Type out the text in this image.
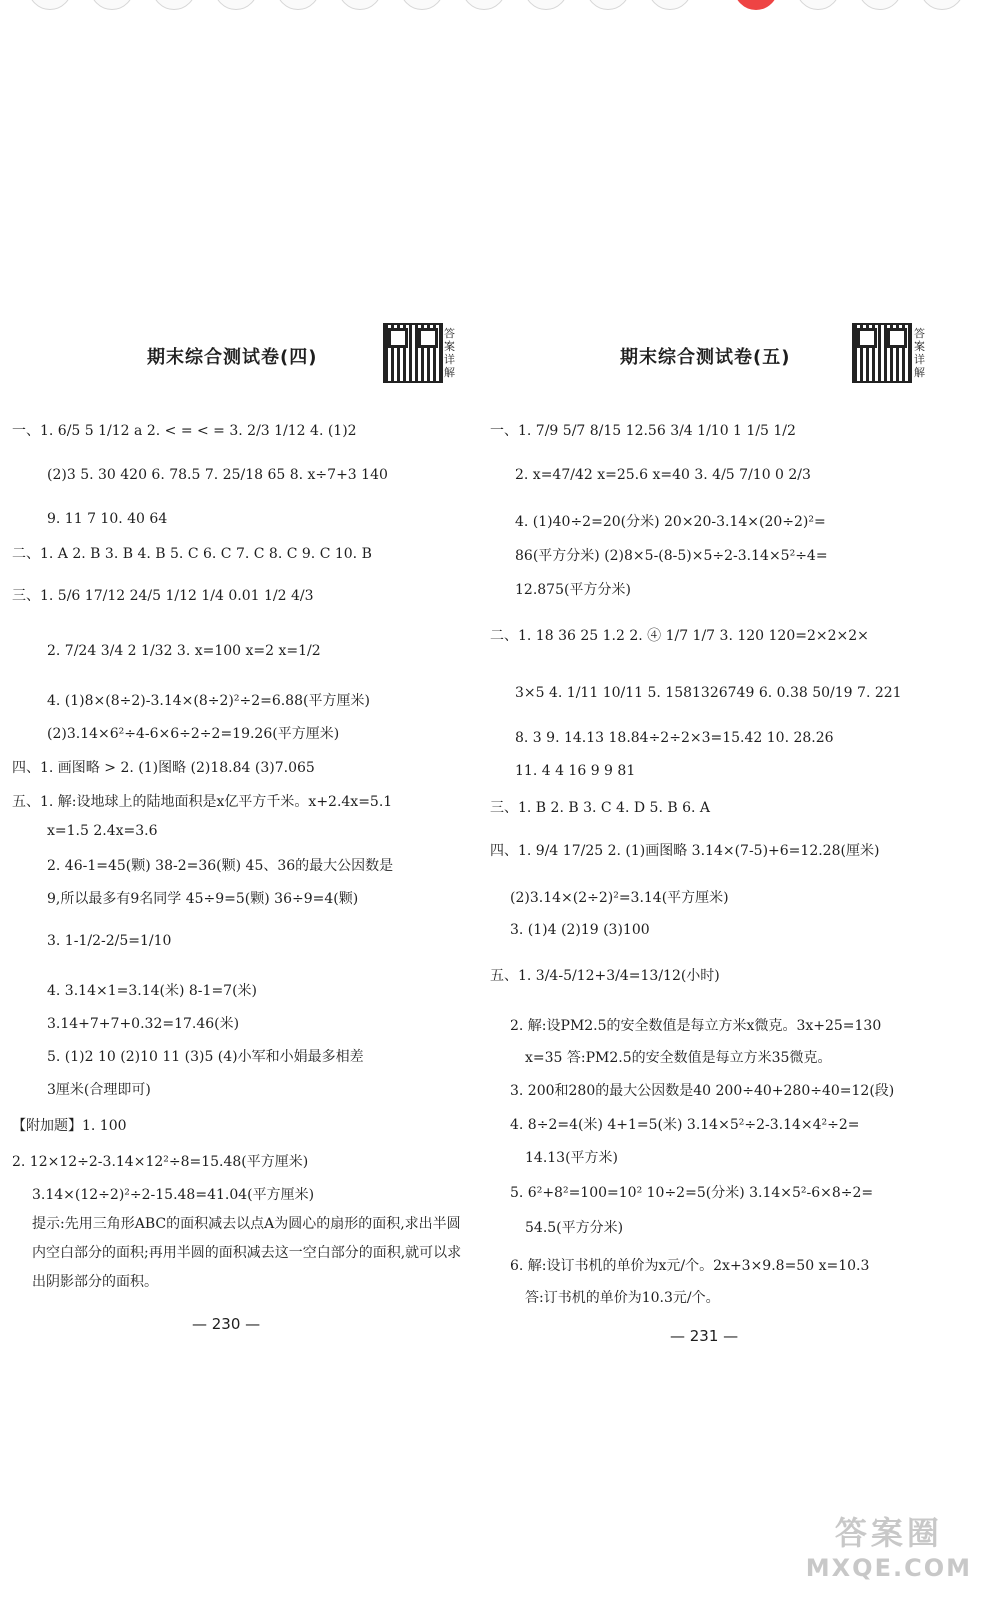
期末综合测试卷(四)
答案详解
一、1. 6/5 5 1/12 a 2. < = < = 3. 2/3 1/12 4. (1)2
(2)3 5. 30 420 6. 78.5 7. 25/18 65 8. x÷7+3 140
9. 11 7 10. 40 64
二、1. A 2. B 3. B 4. B 5. C 6. C 7. C 8. C 9. C 10. B
三、1. 5/6 17/12 24/5 1/12 1/4 0.01 1/2 4/3
2. 7/24 3/4 2 1/32 3. x=100 x=2 x=1/2
4. (1)8×(8÷2)-3.14×(8÷2)²÷2=6.88(平方厘米)
(2)3.14×6²÷4-6×6÷2÷2=19.26(平方厘米)
四、1. 画图略 > 2. (1)图略 (2)18.84 (3)7.065
五、1. 解:设地球上的陆地面积是x亿平方千米。x+2.4x=5.1
x=1.5 2.4x=3.6
2. 46-1=45(颗) 38-2=36(颗) 45、36的最大公因数是
9,所以最多有9名同学 45÷9=5(颗) 36÷9=4(颗)
3. 1-1/2-2/5=1/10
4. 3.14×1=3.14(米) 8-1=7(米)
3.14+7+7+0.32=17.46(米)
5. (1)2 10 (2)10 11 (3)5 (4)小军和小娟最多相差
3厘米(合理即可)
【附加题】1. 100
2. 12×12÷2-3.14×12²÷8=15.48(平方厘米)
3.14×(12÷2)²÷2-15.48=41.04(平方厘米)
提示:先用三角形ABC的面积减去以点A为圆心的扇形的面积,求出半圆内空白部分的面积;再用半圆的面积减去这一空白部分的面积,就可以求出阴影部分的面积。
— 230 —
期末综合测试卷(五)
答案详解
一、1. 7/9 5/7 8/15 12.56 3/4 1/10 1 1/5 1/2
2. x=47/42 x=25.6 x=40 3. 4/5 7/10 0 2/3
4. (1)40÷2=20(分米) 20×20-3.14×(20÷2)²=
86(平方分米) (2)8×5-(8-5)×5÷2-3.14×5²÷4=
12.875(平方分米)
二、1. 18 36 25 1.2 2. ④ 1/7 1/7 3. 120 120=2×2×2×
3×5 4. 1/11 10/11 5. 1581326749 6. 0.38 50/19 7. 221
8. 3 9. 14.13 18.84÷2÷2×3=15.42 10. 28.26
11. 4 4 16 9 9 81
三、1. B 2. B 3. C 4. D 5. B 6. A
四、1. 9/4 17/25 2. (1)画图略 3.14×(7-5)+6=12.28(厘米)
(2)3.14×(2÷2)²=3.14(平方厘米)
3. (1)4 (2)19 (3)100
五、1. 3/4-5/12+3/4=13/12(小时)
2. 解:设PM2.5的安全数值是每立方米x微克。3x+25=130
x=35 答:PM2.5的安全数值是每立方米35微克。
3. 200和280的最大公因数是40 200÷40+280÷40=12(段)
4. 8÷2=4(米) 4+1=5(米) 3.14×5²÷2-3.14×4²÷2=
14.13(平方米)
5. 6²+8²=100=10² 10÷2=5(分米) 3.14×5²-6×8÷2=
54.5(平方分米)
6. 解:设订书机的单价为x元/个。2x+3×9.8=50 x=10.3
答:订书机的单价为10.3元/个。
— 231 —
答案圈
MXQE.COM
